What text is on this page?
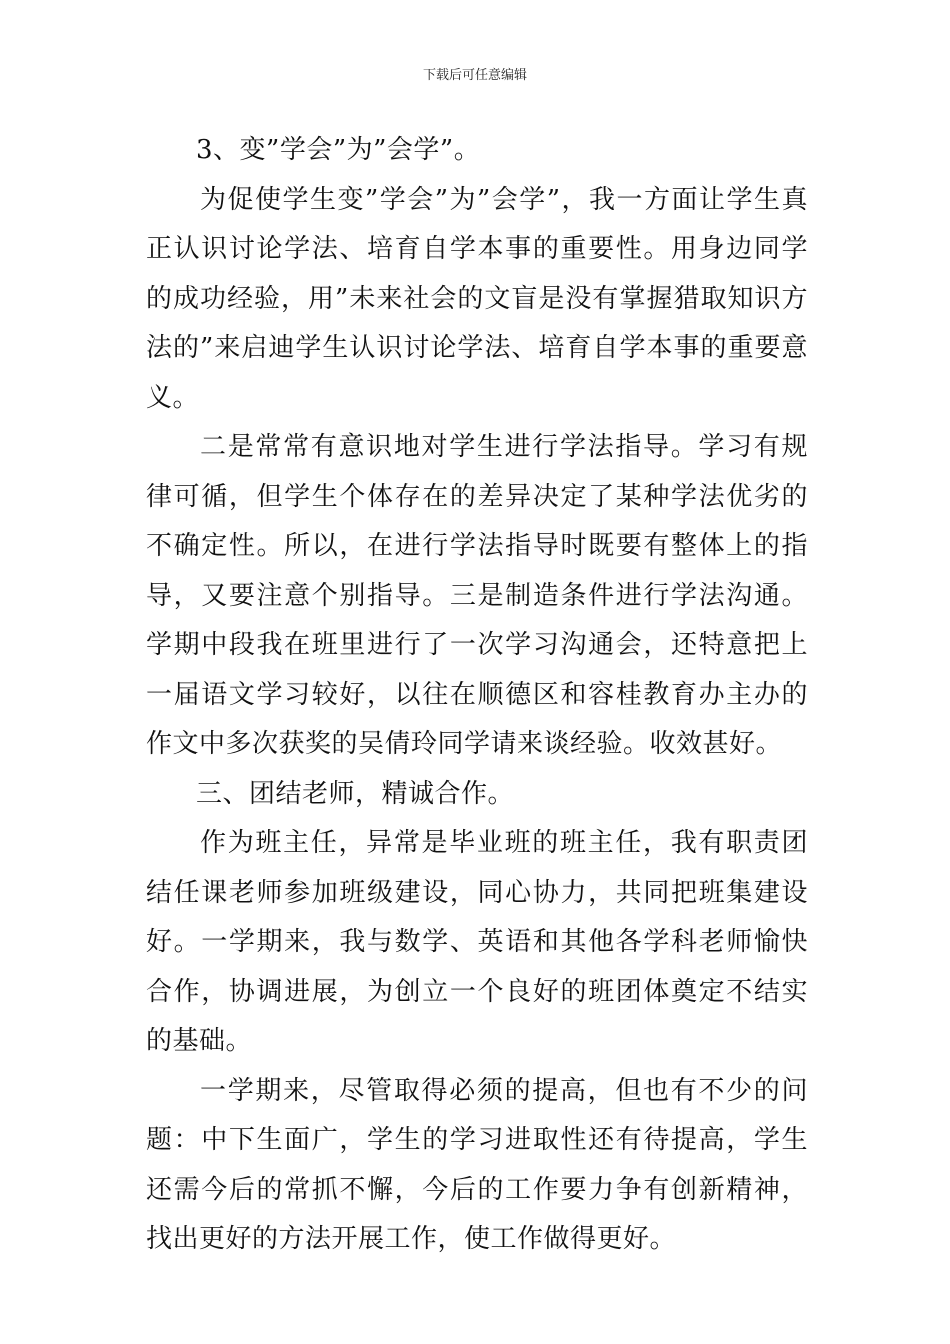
下载后可任意编辑

3、变”学会”为”会学”。

为促使学生变”学会”为”会学”，我一方面让学生真正认识讨论学法、培育自学本事的重要性。用身边同学的成功经验，用”未来社会的文盲是没有掌握猎取知识方法的”来启迪学生认识讨论学法、培育自学本事的重要意义。

二是常常有意识地对学生进行学法指导。学习有规律可循，但学生个体存在的差异决定了某种学法优劣的不确定性。所以，在进行学法指导时既要有整体上的指导，又要注意个别指导。三是制造条件进行学法沟通。学期中段我在班里进行了一次学习沟通会，还特意把上一届语文学习较好，以往在顺德区和容桂教育办主办的作文中多次获奖的吴倩玲同学请来谈经验。收效甚好。

三、团结老师，精诚合作。

作为班主任，异常是毕业班的班主任，我有职责团结任课老师参加班级建设，同心协力，共同把班集建设好。一学期来，我与数学、英语和其他各学科老师愉快合作，协调进展，为创立一个良好的班团体奠定不结实的基础。

一学期来，尽管取得必须的提高，但也有不少的问题：中下生面广，学生的学习进取性还有待提高，学生还需今后的常抓不懈，今后的工作要力争有创新精神，找出更好的方法开展工作，使工作做得更好。
